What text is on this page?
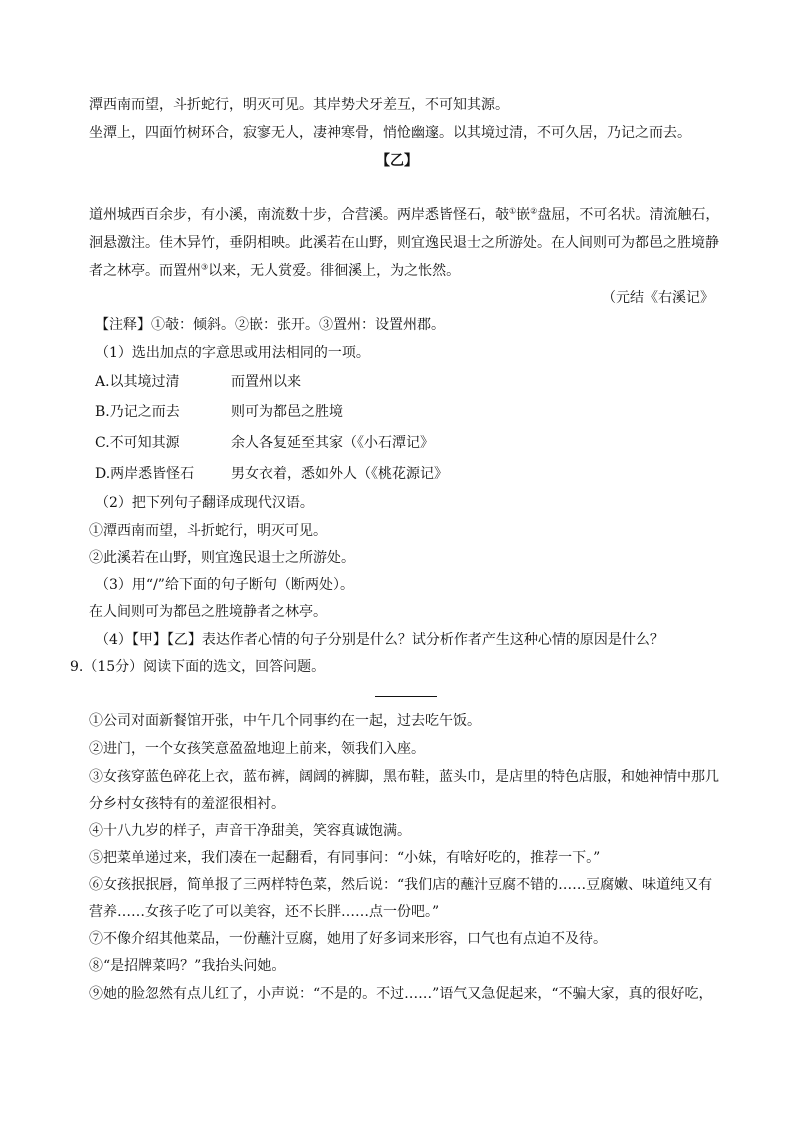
潭西南而望，斗折蛇行，明灭可见。其岸势犬牙差互，不可知其源。
坐潭上，四面竹树环合，寂寥无人，凄神寒骨，悄怆幽邃。以其境过清，不可久居，乃记之而去。
【乙】
道州城西百余步，有小溪，南流数十步，合营溪。两岸悉皆怪石，攲①嵌②盘屈，不可名状。清流触石，
洄悬激注。佳木异竹，垂阴相映。此溪若在山野，则宜逸民退士之所游处。在人间则可为都邑之胜境静
者之林亭。而置州③以来，无人赏爱。徘徊溪上，为之怅然。
（元结《右溪记》
【注释】①攲：倾斜。②嵌：张开。③置州：设置州郡。
（1）选出加点的字意思或用法相同的一项。
A.以其境过清	而置州以来
B.乃记之而去	则可为都邑之胜境
C.不可知其源	余人各复延至其家（《小石潭记》
D.两岸悉皆怪石	男女衣着，悉如外人（《桃花源记》
（2）把下列句子翻译成现代汉语。
①潭西南而望，斗折蛇行，明灭可见。
②此溪若在山野，则宜逸民退士之所游处。
（3）用“/”给下面的句子断句（断两处）。
在人间则可为都邑之胜境静者之林亭。
（4）【甲】【乙】表达作者心情的句子分别是什么？试分析作者产生这种心情的原因是什么？
9.（15分）阅读下面的选文，回答问题。
①公司对面新餐馆开张，中午几个同事约在一起，过去吃午饭。
②进门，一个女孩笑意盈盈地迎上前来，领我们入座。
③女孩穿蓝色碎花上衣，蓝布裤，阔阔的裤脚，黑布鞋，蓝头巾，是店里的特色店服，和她神情中那几
分乡村女孩特有的羞涩很相衬。
④十八九岁的样子，声音干净甜美，笑容真诚饱满。
⑤把菜单递过来，我们凑在一起翻看，有同事问：“小妹，有啥好吃的，推荐一下。”
⑥女孩抿抿唇，简单报了三两样特色菜，然后说：“我们店的蘸汁豆腐不错的……豆腐嫩、味道纯又有
营养……女孩子吃了可以美容，还不长胖……点一份吧。”
⑦不像介绍其他菜品，一份蘸汁豆腐，她用了好多词来形容，口气也有点迫不及待。
⑧“是招牌菜吗？”我抬头问她。
⑨她的脸忽然有点儿红了，小声说：“不是的。不过……”语气又急促起来，“不骗大家，真的很好吃，
